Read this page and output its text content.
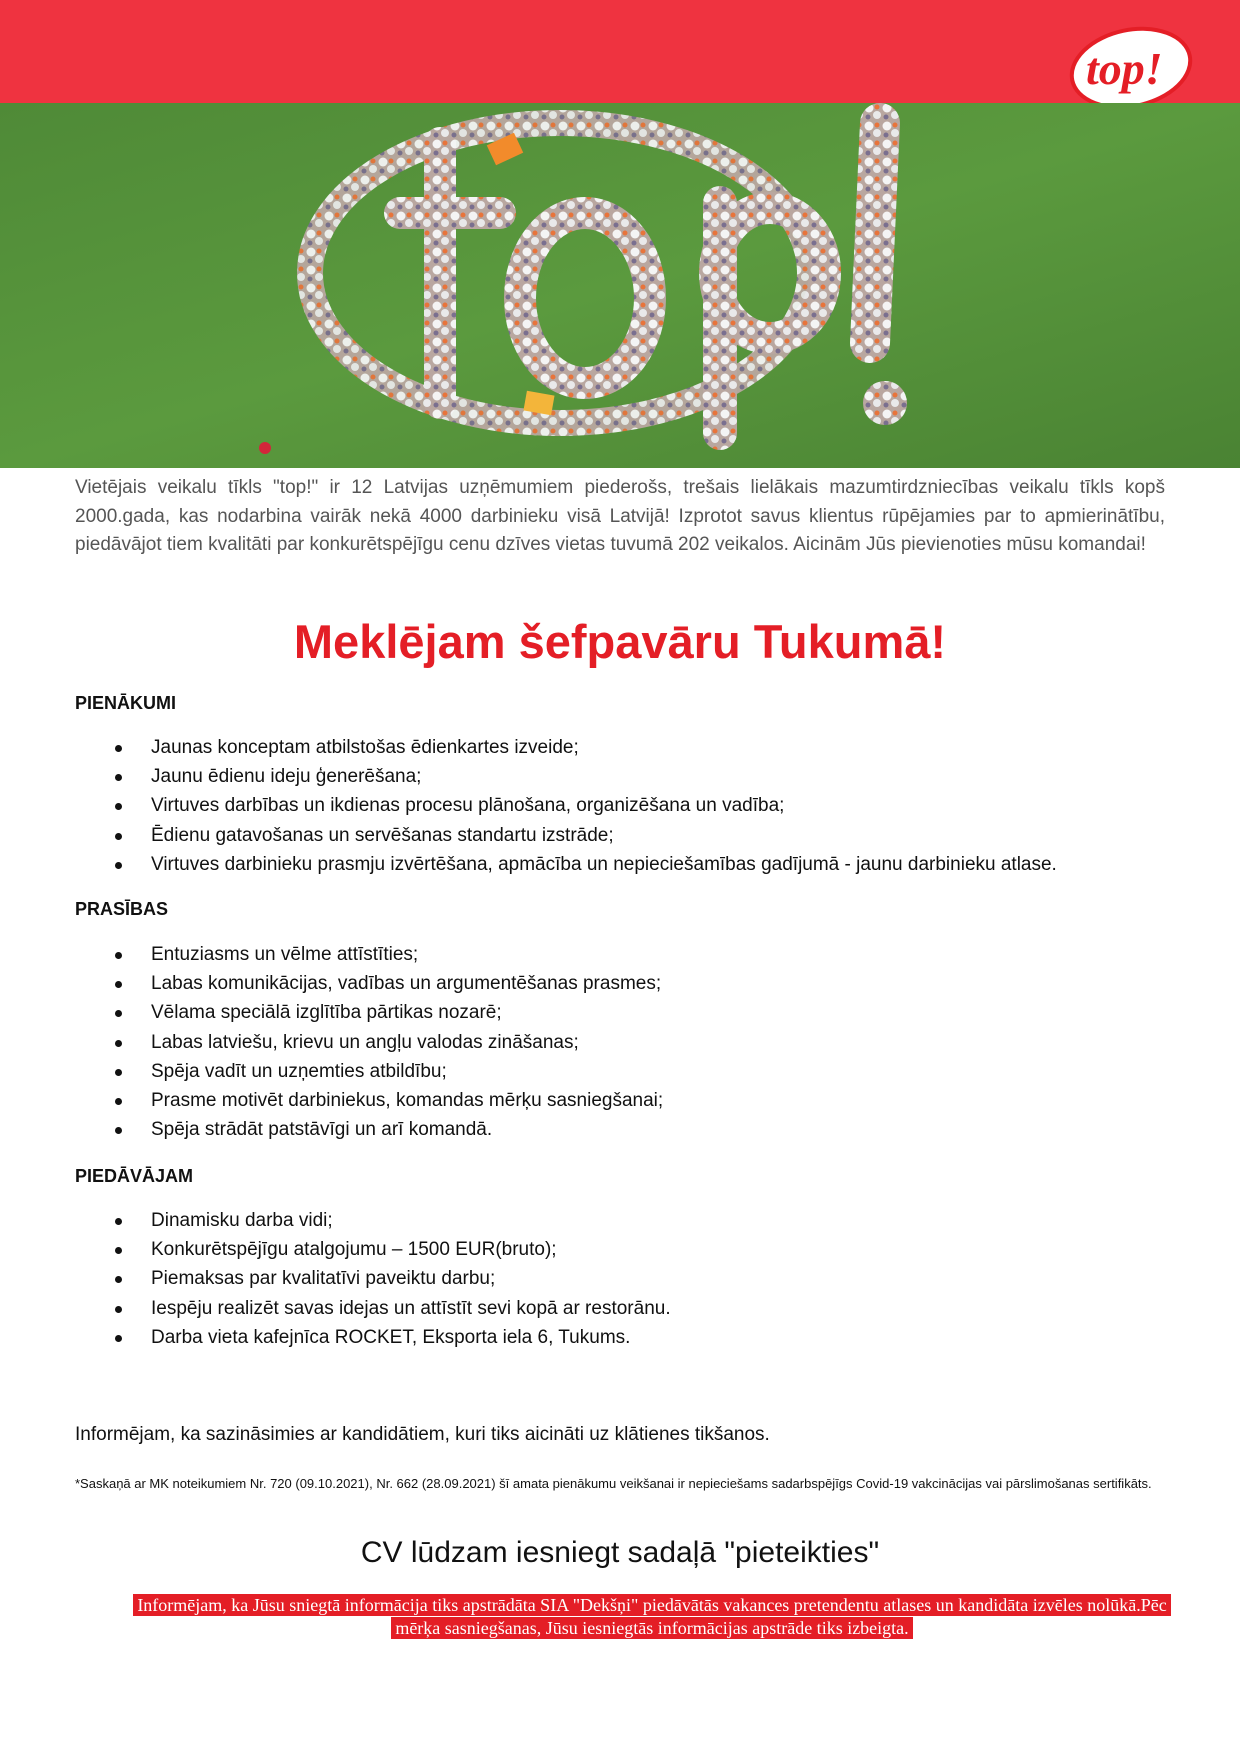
top!

Vietējais veikalu tīkls "top!" ir 12 Latvijas uzņēmumiem piederošs, trešais lielākais mazumtirdzniecības veikalu tīkls kopš 2000.gada, kas nodarbina vairāk nekā 4000 darbinieku visā Latvijā! Izprotot savus klientus rūpējamies par to apmierinātību, piedāvājot tiem kvalitāti par konkurētspējīgu cenu dzīves vietas tuvumā 202 veikalos. Aicinām Jūs pievienoties mūsu komandai!

Meklējam šefpavāru Tukumā!
PIENĀKUMI
Jaunas konceptam atbilstošas ēdienkartes izveide;
Jaunu ēdienu ideju ģenerēšana;
Virtuves darbības un ikdienas procesu plānošana, organizēšana un vadība;
Ēdienu gatavošanas un servēšanas standartu izstrāde;
Virtuves darbinieku prasmju izvērtēšana, apmācība un nepieciešamības gadījumā - jaunu darbinieku atlase.
PRASĪBAS
Entuziasms un vēlme attīstīties;
Labas komunikācijas, vadības un argumentēšanas prasmes;
Vēlama speciālā izglītība pārtikas nozarē;
Labas latviešu, krievu un angļu valodas zināšanas;
Spēja vadīt un uzņemties atbildību;
Prasme motivēt darbiniekus, komandas mērķu sasniegšanai;
Spēja strādāt patstāvīgi un arī komandā.
PIEDĀVĀJAM
Dinamisku darba vidi;
Konkurētspējīgu atalgojumu – 1500 EUR(bruto);
Piemaksas par kvalitatīvi paveiktu darbu;
Iespēju realizēt savas idejas un attīstīt sevi kopā ar restorānu.
Darba vieta kafejnīca ROCKET, Eksporta iela 6, Tukums.

Informējam, ka sazināsimies ar kandidātiem, kuri tiks aicināti uz klātienes tikšanos.

*Saskaņā ar MK noteikumiem Nr. 720 (09.10.2021), Nr. 662 (28.09.2021) šī amata pienākumu veikšanai ir nepieciešams sadarbspējīgs Covid-19 vakcinācijas vai pārslimošanas sertifikāts.

CV lūdzam iesniegt sadaļā "pieteikties"

Informējam, ka Jūsu sniegtā informācija tiks apstrādāta SIA "Dekšņi" piedāvātās vakances pretendentu atlases un kandidāta izvēles nolūkā.Pēc mērķa sasniegšanas, Jūsu iesniegtās informācijas apstrāde tiks izbeigta.
